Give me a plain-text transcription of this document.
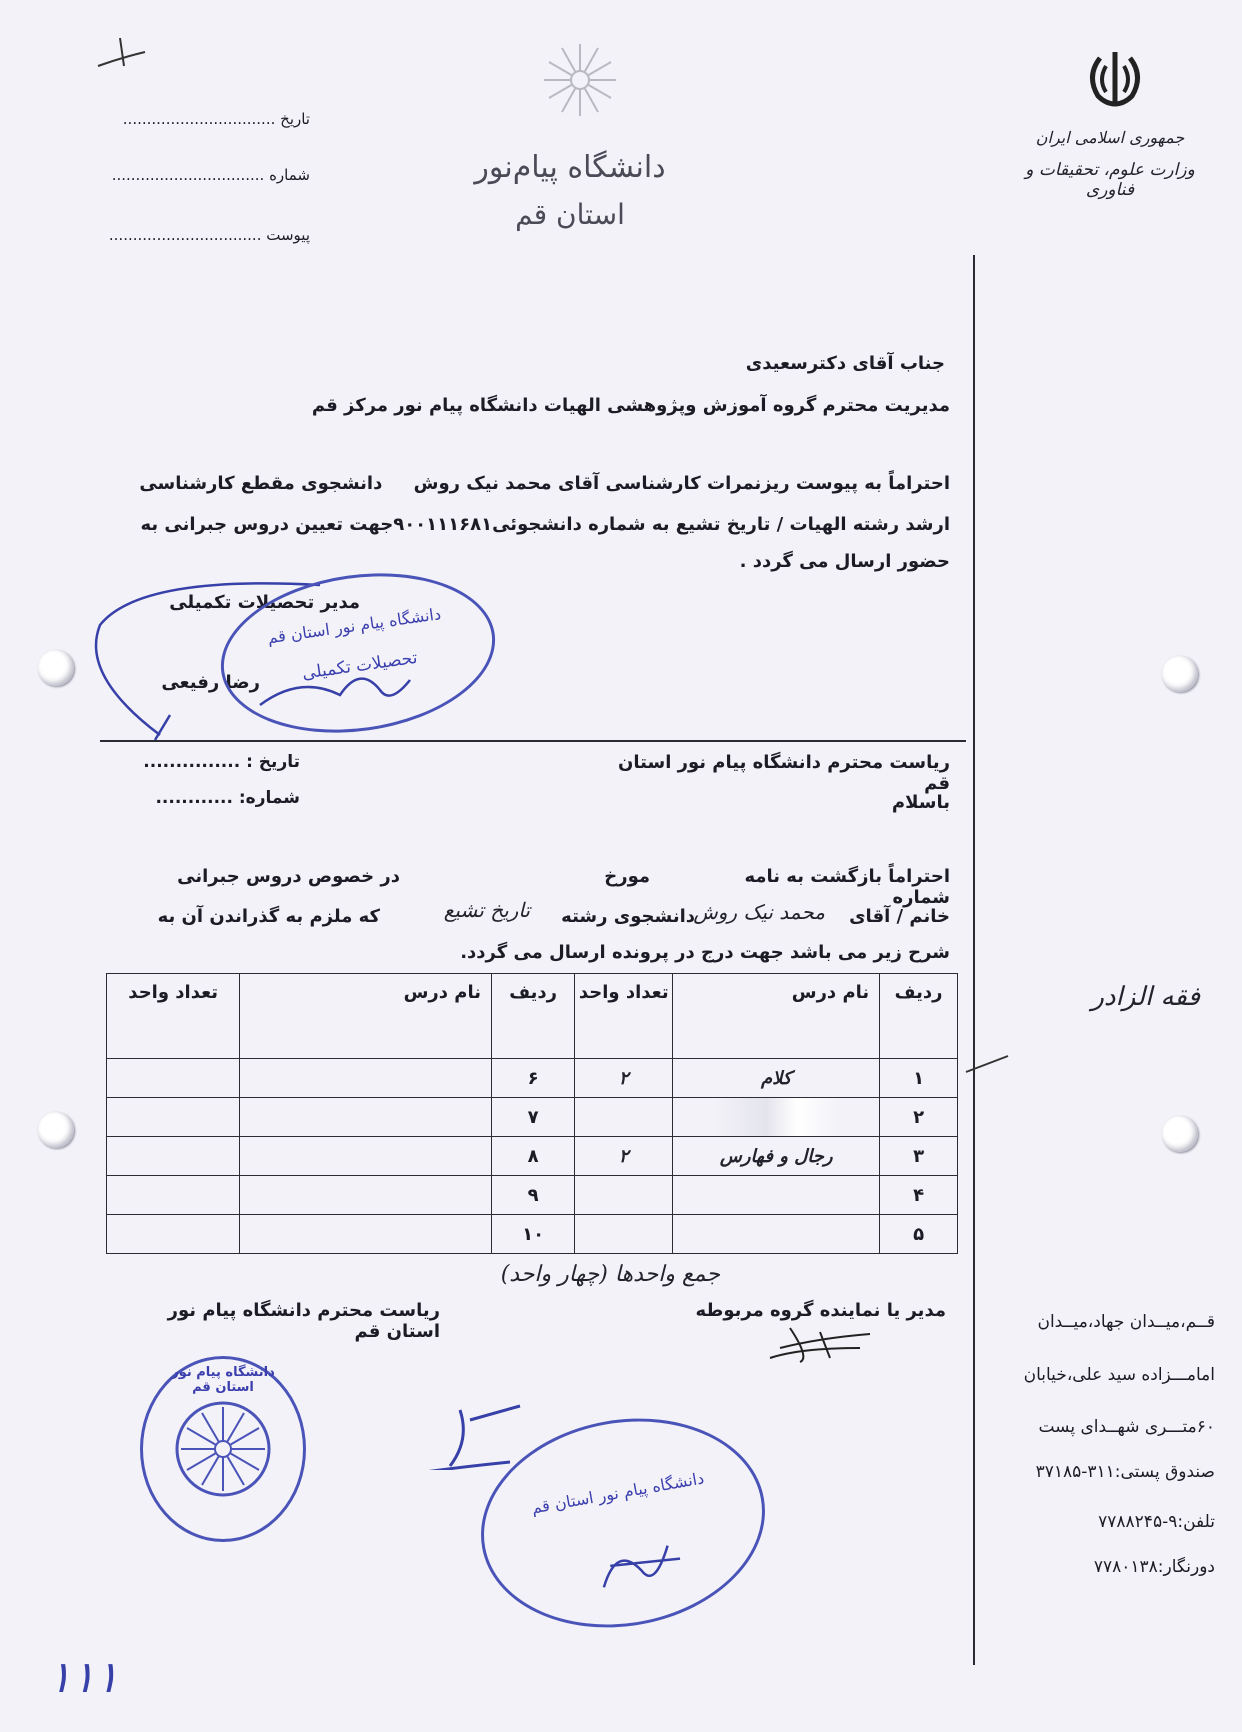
تاریخ ................................
شماره ................................
پیوست ................................
دانشگاه پیام‌نور
استان قم
جمهوری اسلامی ایران
وزارت علوم، تحقیقات و فناوری
جناب آقای دکترسعیدی
مدیریت محترم گروه آموزش وپژوهشی الهیات دانشگاه پیام نور مرکز قم
احتراماً به پیوست ریزنمرات کارشناسی آقای محمد نیک روش     دانشجوی مقطع کارشناسی
ارشد رشته الهیات / تاریخ تشیع به شماره دانشجوئی۹۰۰۱۱۱۶۸۱جهت تعیین دروس جبرانی به
حضور ارسال می گردد .
مدیر تحصیلات تکمیلی
رضا رفیعی
دانشگاه پیام نور استان قم
تحصیلات تکمیلی
تاریخ : ...............
شماره: ............
ریاست محترم دانشگاه پیام نور استان قم
باسلام
احتراماً بازگشت به نامه شماره
مورخ
در خصوص دروس جبرانی
خانم / آقای
محمد نیک روش
دانشجوی رشته
تاریخ تشیع
که ملزم به گذراندن آن به
شرح زیر می باشد جهت درج در پرونده ارسال می گردد.
ردیف	نام درس	تعداد واحد	ردیف	نام درس	تعداد واحد
۱	کلام	۲	۶		
۲			۷		
۳	رجال و فهارس	۲	۸		
۴			۹		
۵			۱۰		
جمع واحدها (چهار واحد)
مدیر یا نماینده گروه مربوطه
ریاست محترم دانشگاه پیام نور استان قم
دانشگاه پیام نور استان قم
دانشگاه پیام نور استان قم
فقه الزادر
قــم،میــدان جهاد،میــدان
امامـــزاده سید علی،خیابان
۶۰متـــری شهــدای پست
صندوق پستی:۳۱۱-۳۷۱۸۵
تلفن:۹-۷۷۸۸۲۴۵
دورنگار:۷۷۸۰۱۳۸
۱۱۱
